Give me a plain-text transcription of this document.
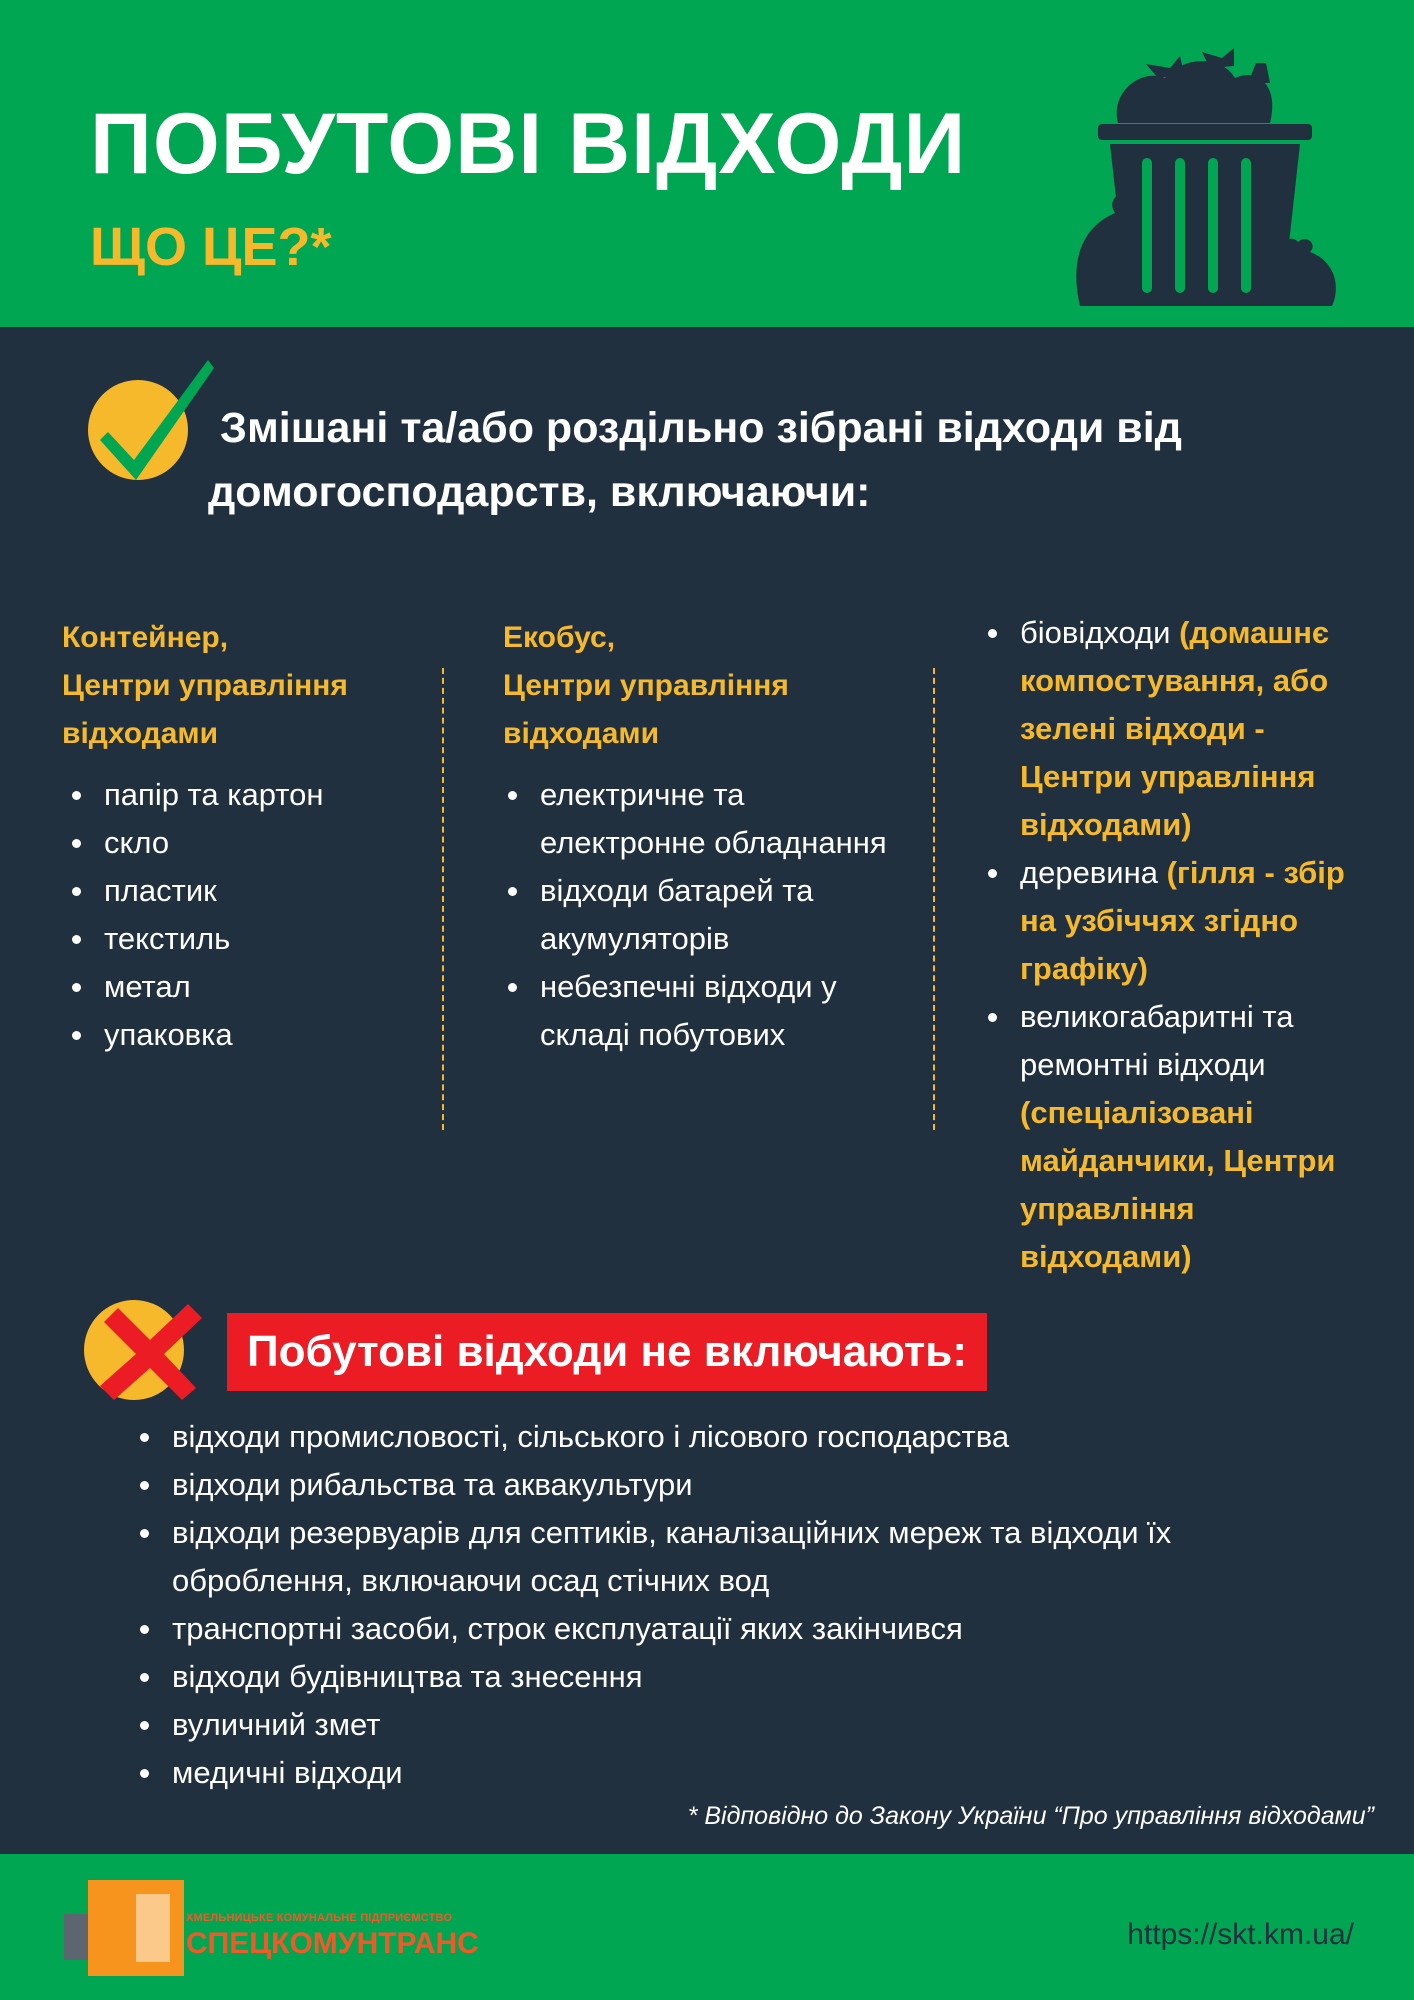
ПОБУТОВІ ВІДХОДИ
ЩО ЦЕ?*
Змішані та/або роздільно зібрані відходи від домогосподарств, включаючи:
Контейнер,
Центри управління відходами
папір та картон
скло
пластик
текстиль
метал
упаковка
Екобус,
Центри управління відходами
електричне та електронне обладнання
відходи батарей та акумуляторів
небезпечні відходи у складі побутових
біовідходи (домашнє компостування, або зелені відходи - Центри управління відходами)
деревина (гілля - збір на узбіччях згідно графіку)
великогабаритні та ремонтні відходи (спеціалізовані майданчики, Центри управління відходами)
Побутові відходи не включають:
відходи промисловості, сільського і лісового господарства
відходи рибальства та аквакультури
відходи резервуарів для септиків, каналізаційних мереж та відходи їх оброблення, включаючи осад стічних вод
транспортні засоби, строк експлуатації яких закінчився
відходи будівництва та знесення
вуличний змет
медичні відходи
* Відповідно до Закону України “Про управління відходами”
ХМЕЛЬНИЦЬКЕ КОМУНАЛЬНЕ ПІДПРИЄМСТВО
СПЕЦКОМУНТРАНС	https://skt.km.ua/
